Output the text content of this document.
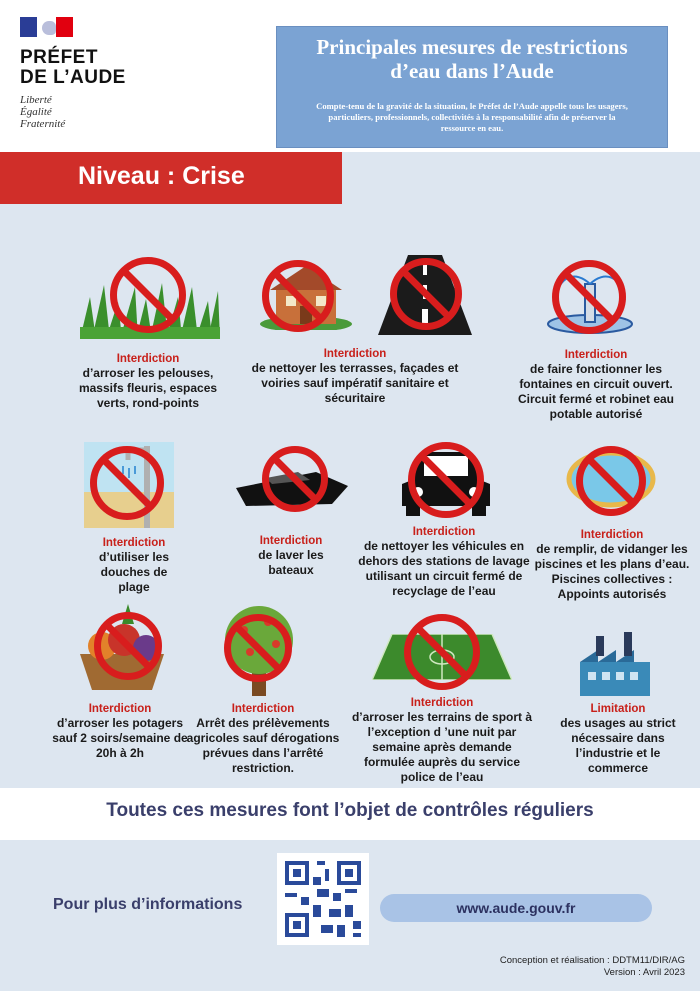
PRÉFET
DE L’AUDE
Liberté
Égalité
Fraternité
Principales mesures de restrictions
d’eau dans l’Aude
Compte-tenu de la gravité de la situation, le Préfet de l’Aude appelle tous les usagers, particuliers, professionnels, collectivités à la responsabilité afin de préserver la ressource en eau.
Niveau : Crise
Interdiction
d’arroser les pelouses, massifs fleuris, espaces verts, rond-points
Interdiction
de nettoyer les terrasses, façades et voiries sauf impératif sanitaire et sécuritaire
Interdiction
de faire fonctionner les fontaines en circuit ouvert. Circuit fermé et robinet eau potable autorisé
Interdiction
d’utiliser les douches de plage
Interdiction
de laver les bateaux
Interdiction
de nettoyer les véhicules en dehors des stations de lavage utilisant un circuit fermé de recyclage de l’eau
Interdiction
de remplir, de vidanger les piscines et les plans d’eau. Piscines collectives : Appoints autorisés
Interdiction
d’arroser les potagers sauf 2 soirs/semaine de 20h à 2h
Interdiction
Arrêt des prélèvements agricoles sauf dérogations prévues dans l’arrêté restriction.
Interdiction
d’arroser les terrains de sport à l’exception d ’une nuit par semaine après demande formulée auprès du service police de l’eau
Limitation
des usages au strict nécessaire dans l’industrie et le commerce
Toutes ces mesures font l’objet de contrôles réguliers
Pour plus d’informations	www.aude.gouv.fr
Conception et réalisation : DDTM11/DIR/AG
Version : Avril 2023
